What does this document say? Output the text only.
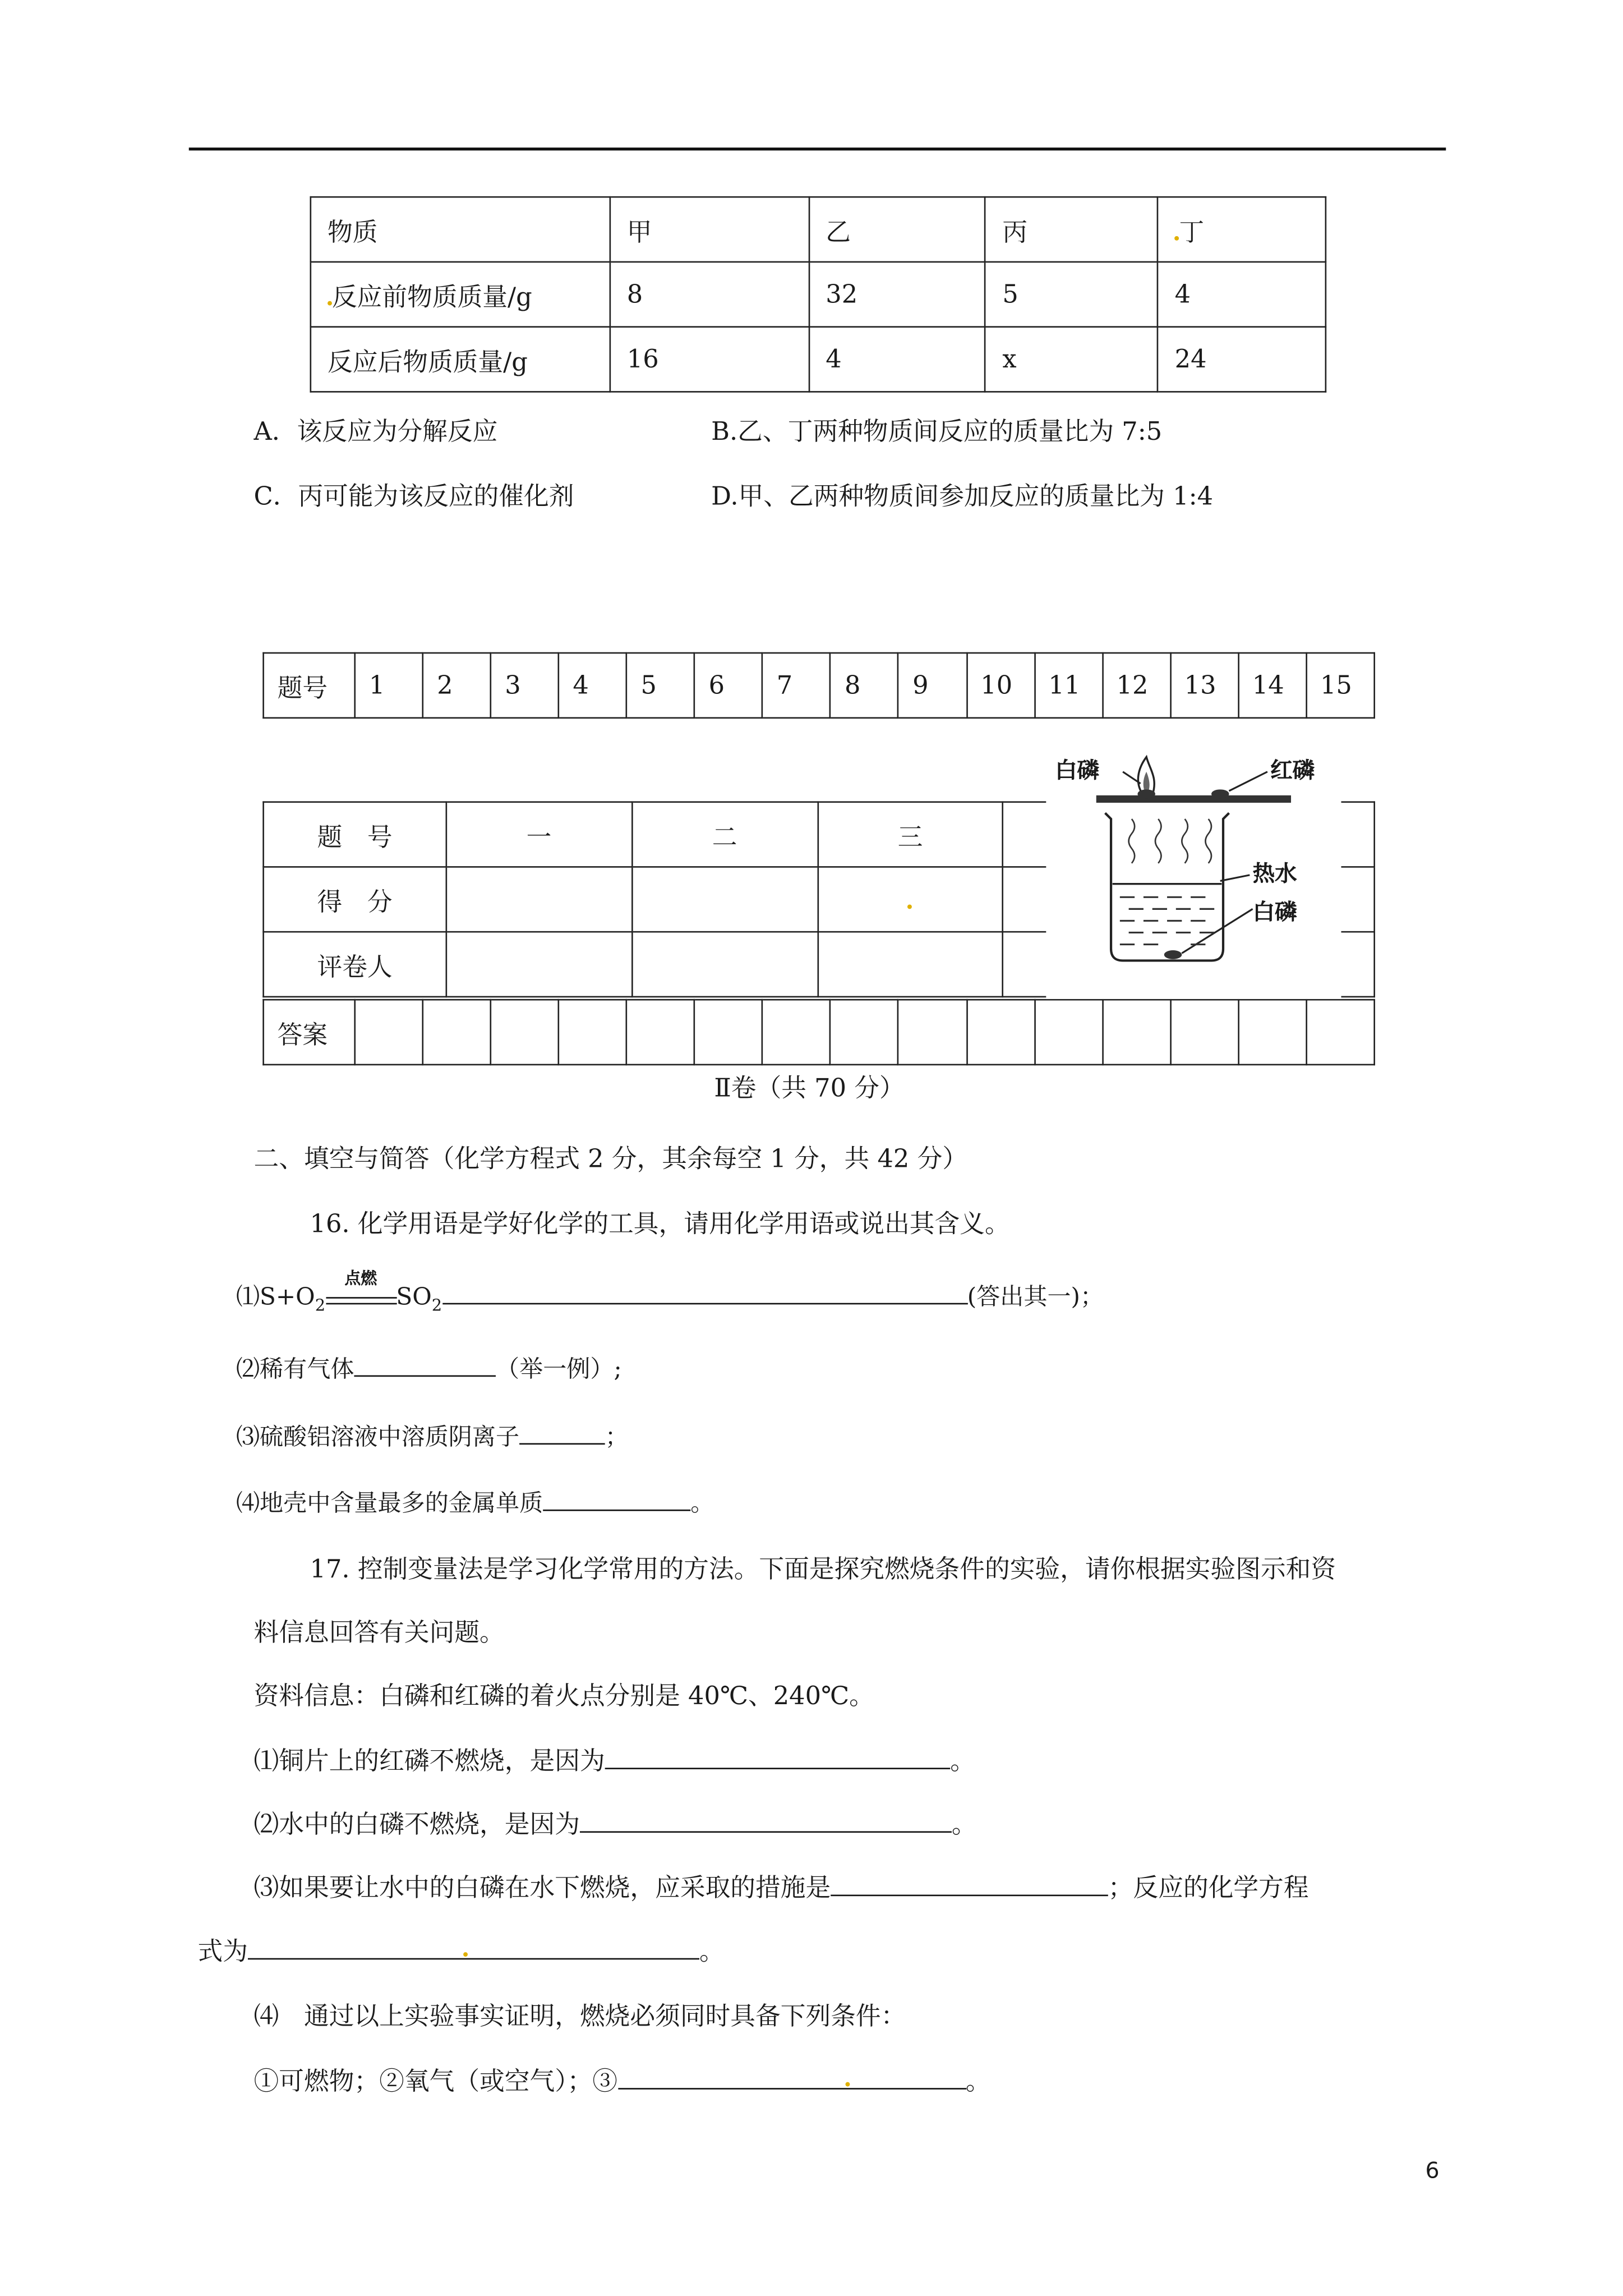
物质	甲	乙	丙	丁
反应前物质质量/g	8	32	5	4
反应后物质质量/g	16	4	x	24
A．该反应为分解反应	B.乙、丁两种物质间反应的质量比为 7:5
C．丙可能为该反应的催化剂	D.甲、乙两种物质间参加反应的质量比为 1:4
题号	1	2	3	4	5	6	7	8	9	10	11	12	13	14	15
题　号	一	二	三	
得　分				
评卷人				
答案															
白磷	红磷
热水
白磷
Ⅱ卷（共 70 分）
二、填空与简答（化学方程式 2 分，其余每空 1 分，共 42 分）
16. 化学用语是学好化学的工具，请用化学用语或说出其含义。
$⑴S+O_2$
点燃
$SO_2$	(答出其一)；
⑵稀有气体	（举一例）;
⑶硫酸铝溶液中溶质阴离子	；
⑷地壳中含量最多的金属单质	。
17. 控制变量法是学习化学常用的方法。下面是探究燃烧条件的实验，请你根据实验图示和资
料信息回答有关问题。
资料信息：白磷和红磷的着火点分别是 40℃、240℃。
⑴铜片上的红磷不燃烧，是因为	。
⑵水中的白磷不燃烧，是因为	。
⑶如果要让水中的白磷在水下燃烧，应采取的措施是	；反应的化学方程
式为	。
⑷　通过以上实验事实证明，燃烧必须同时具备下列条件：
①可燃物；②氧气（或空气）；③	。
6
